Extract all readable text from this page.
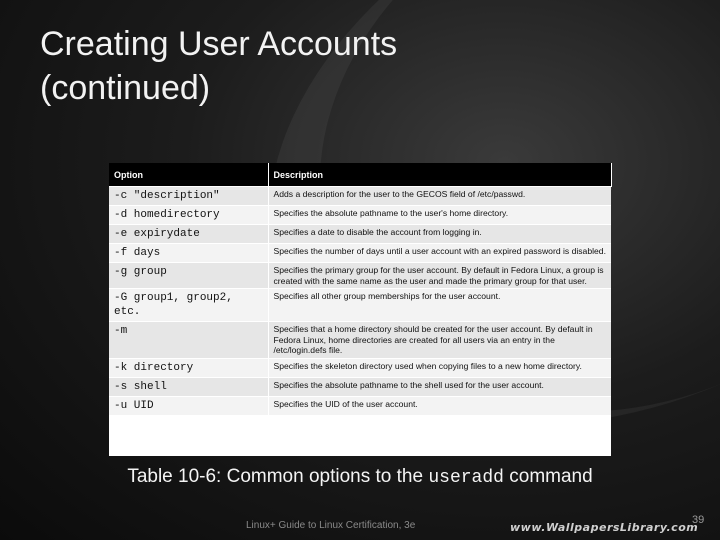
Creating User Accounts
(continued)
Option	Description
-c "description"	Adds a description for the user to the GECOS field of /etc/passwd.
-d homedirectory	Specifies the absolute pathname to the user's home directory.
-e expirydate	Specifies a date to disable the account from logging in.
-f days	Specifies the number of days until a user account with an expired password is disabled.
-g group	Specifies the primary group for the user account. By default in Fedora Linux, a group is created with the same name as the user and made the primary group for that user.
-G group1, group2, etc.	Specifies all other group memberships for the user account.
-m	Specifies that a home directory should be created for the user account. By default in Fedora Linux, home directories are created for all users via an entry in the /etc/login.defs file.
-k directory	Specifies the skeleton directory used when copying files to a new home directory.
-s shell	Specifies the absolute pathname to the shell used for the user account.
-u UID	Specifies the UID of the user account.
Table 10-6: Common options to the useradd command
Linux+ Guide to Linux Certification, 3e	www.WallpapersLibrary.com
39
